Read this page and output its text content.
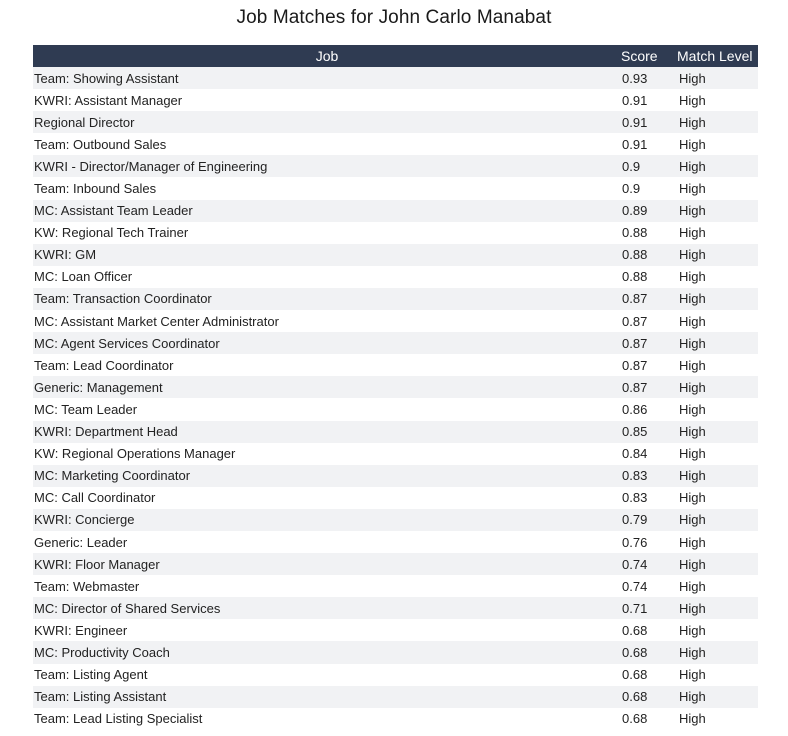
Job Matches for John Carlo Manabat
Job	Score	Match Level
Team: Showing Assistant	0.93	High
KWRI: Assistant Manager	0.91	High
Regional Director	0.91	High
Team: Outbound Sales	0.91	High
KWRI - Director/Manager of Engineering	0.9	High
Team: Inbound Sales	0.9	High
MC: Assistant Team Leader	0.89	High
KW: Regional Tech Trainer	0.88	High
KWRI: GM	0.88	High
MC: Loan Officer	0.88	High
Team: Transaction Coordinator	0.87	High
MC: Assistant Market Center Administrator	0.87	High
MC: Agent Services Coordinator	0.87	High
Team: Lead Coordinator	0.87	High
Generic: Management	0.87	High
MC: Team Leader	0.86	High
KWRI: Department Head	0.85	High
KW: Regional Operations Manager	0.84	High
MC: Marketing Coordinator	0.83	High
MC: Call Coordinator	0.83	High
KWRI: Concierge	0.79	High
Generic: Leader	0.76	High
KWRI: Floor Manager	0.74	High
Team: Webmaster	0.74	High
MC: Director of Shared Services	0.71	High
KWRI: Engineer	0.68	High
MC: Productivity Coach	0.68	High
Team: Listing Agent	0.68	High
Team: Listing Assistant	0.68	High
Team: Lead Listing Specialist	0.68	High
